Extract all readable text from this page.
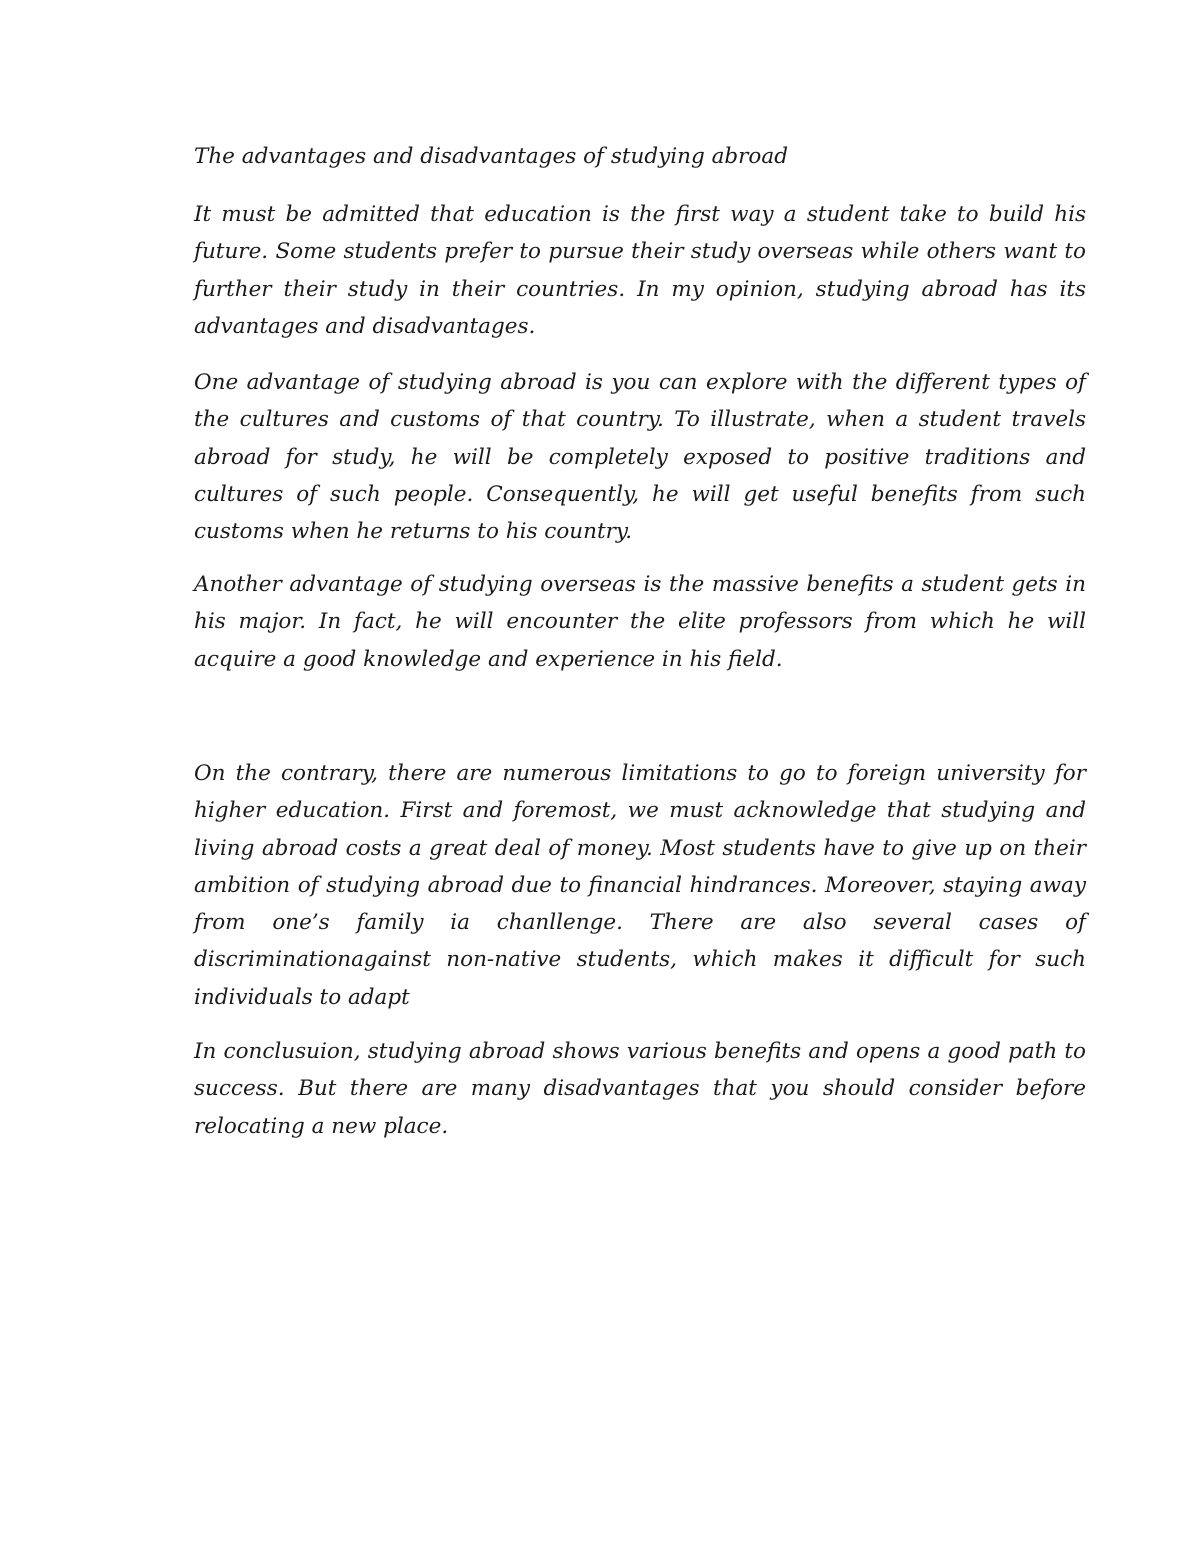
The advantages and disadvantages of studying abroad

It must be admitted that education is the first way a student take to build his future. Some students prefer to pursue their study overseas while others want to further their study in their countries. In my opinion, studying abroad has its advantages and disadvantages.

One advantage of studying abroad is you can explore with the different types of the cultures and customs of that country. To illustrate, when a student travels abroad for study, he will be completely exposed to positive traditions and cultures of such people. Consequently, he will get useful benefits from such customs when he returns to his country.

Another advantage of studying overseas is the massive benefits a student gets in his major. In fact, he will encounter the elite professors from which he will acquire a good knowledge and experience in his field.

On the contrary, there are numerous limitations to go to foreign university for higher education. First and foremost, we must acknowledge that studying and living abroad costs a great deal of money. Most students have to give up on their ambition of studying abroad due to financial hindrances. Moreover, staying away from one’s family ia chanllenge. There are also several cases of discriminationagainst non-native students, which makes it difficult for such individuals to adapt

In conclusuion, studying abroad shows various benefits and opens a good path to success. But there are many disadvantages that you should consider before relocating a new place.
